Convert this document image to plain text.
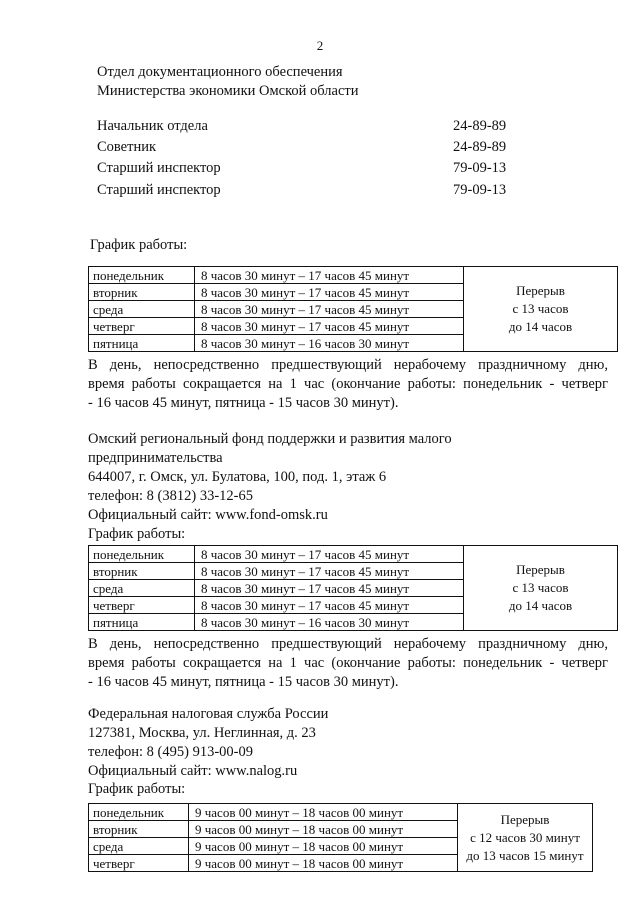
2
Отдел документационного обеспечения
Министерства экономики Омской области
Начальник отдела	24-89-89
Советник	24-89-89
Старший инспектор	79-09-13
Старший инспектор	79-09-13
График работы:
понедельник	8 часов 30 минут – 17 часов 45 минут	Перерыв
с 13 часов
до 14 часов

вторник	8 часов 30 минут – 17 часов 45 минут	
среда	8 часов 30 минут – 17 часов 45 минут	
четверг	8 часов 30 минут – 17 часов 45 минут	
пятница	8 часов 30 минут – 16 часов 30 минут	
В день, непосредственно предшествующий нерабочему праздничному дню,
время работы сокращается на 1 час (окончание работы: понедельник - четверг
- 16 часов 45 минут, пятница - 15 часов 30 минут).
Омский региональный фонд поддержки и развития малого
предпринимательства
644007, г. Омск, ул. Булатова, 100, под. 1, этаж 6
телефон: 8 (3812) 33-12-65
Официальный сайт: www.fond-omsk.ru
График работы:
понедельник	8 часов 30 минут – 17 часов 45 минут	Перерыв
с 13 часов
до 14 часов

вторник	8 часов 30 минут – 17 часов 45 минут	
среда	8 часов 30 минут – 17 часов 45 минут	
четверг	8 часов 30 минут – 17 часов 45 минут	
пятница	8 часов 30 минут – 16 часов 30 минут	
В день, непосредственно предшествующий нерабочему праздничному дню,
время работы сокращается на 1 час (окончание работы: понедельник - четверг
- 16 часов 45 минут, пятница - 15 часов 30 минут).
Федеральная налоговая служба России
127381, Москва, ул. Неглинная, д. 23
телефон: 8 (495) 913-00-09
Официальный сайт: www.nalog.ru
График работы:
понедельник	9 часов 00 минут – 18 часов 00 минут	Перерыв
с 12 часов 30 минут
до 13 часов 15 минут

вторник	9 часов 00 минут – 18 часов 00 минут	
среда	9 часов 00 минут – 18 часов 00 минут	
четверг	9 часов 00 минут – 18 часов 00 минут	
